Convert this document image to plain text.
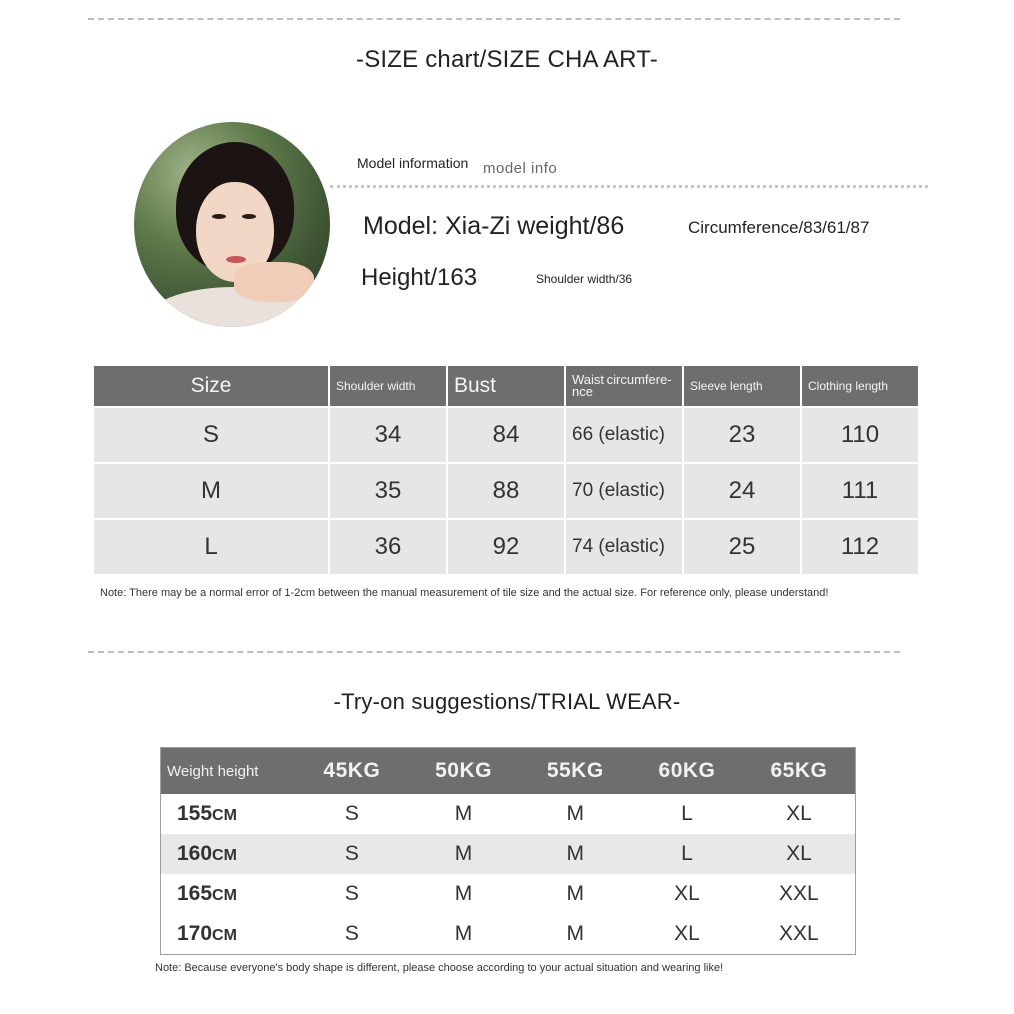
-SIZE chart/SIZE CHA ART-
Model information model info
Model: Xia-Zi weight/86	Circumference/83/61/87
Height/163	Shoulder width/36
Size	Shoulder width	Bust	Waist circumfere- nce	Sleeve length	Clothing length
S	34	84	66 (elastic)	23	110
M	35	88	70 (elastic)	24	111
L	36	92	74 (elastic)	25	112
Note: There may be a normal error of 1-2cm between the manual measurement of tile size and the actual size. For reference only, please understand!
-Try-on suggestions/TRIAL WEAR-
Weight height	45KG	50KG	55KG	60KG	65KG
155CM	S	M	M	L	XL
160CM	S	M	M	L	XL
165CM	S	M	M	XL	XXL
170CM	S	M	M	XL	XXL
Note: Because everyone's body shape is different, please choose according to your actual situation and wearing like!
